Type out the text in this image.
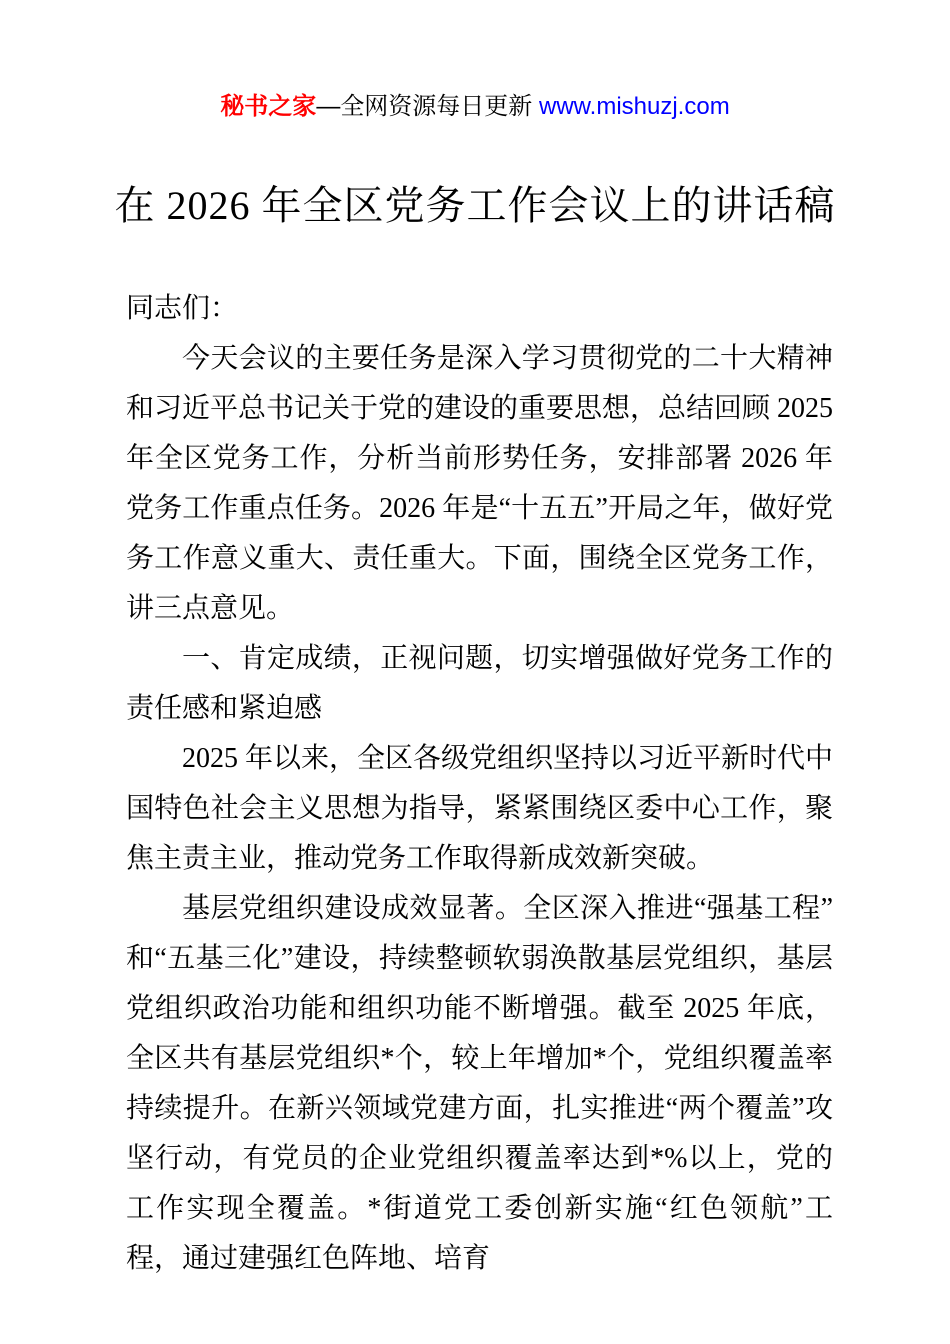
秘书之家—全网资源每日更新 www.mishuzj.com
在 2026 年全区党务工作会议上的讲话稿

同志们：

今天会议的主要任务是深入学习贯彻党的二十大精神和习近平总书记关于党的建设的重要思想，总结回顾 2025 年全区党务工作，分析当前形势任务，安排部署 2026 年党务工作重点任务。2026 年是“十五五”开局之年，做好党务工作意义重大、责任重大。下面，围绕全区党务工作，讲三点意见。

一、肯定成绩，正视问题，切实增强做好党务工作的责任感和紧迫感

2025 年以来，全区各级党组织坚持以习近平新时代中国特色社会主义思想为指导，紧紧围绕区委中心工作，聚焦主责主业，推动党务工作取得新成效新突破。

基层党组织建设成效显著。全区深入推进“强基工程”和“五基三化”建设，持续整顿软弱涣散基层党组织，基层党组织政治功能和组织功能不断增强。截至 2025 年底，全区共有基层党组织*个，较上年增加*个，党组织覆盖率持续提升。在新兴领域党建方面，扎实推进“两个覆盖”攻坚行动，有党员的企业党组织覆盖率达到*%以上，党的工作实现全覆盖。*街道党工委创新实施“红色领航”工程，通过建强红色阵地、培育
